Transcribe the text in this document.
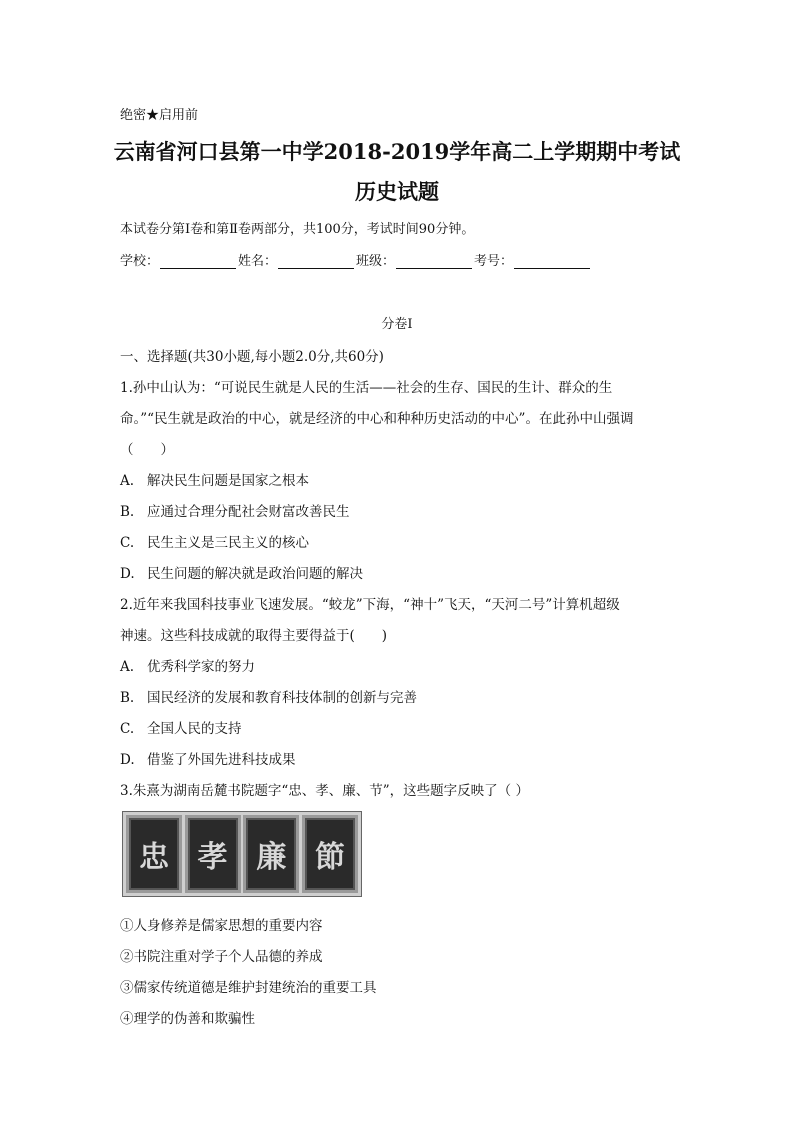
绝密★启用前
云南省河口县第一中学2018-2019学年高二上学期期中考试
历史试题
本试卷分第Ⅰ卷和第Ⅱ卷两部分，共100分，考试时间90分钟。
学校：	姓名：	班级：	考号：
分卷I
一、选择题(共30小题,每小题2.0分,共60分)
1.孙中山认为：“可说民生就是人民的生活——社会的生存、国民的生计、群众的生
命。”“民生就是政治的中心，就是经济的中心和种种历史活动的中心”。在此孙中山强调
（　　）
A. 解决民生问题是国家之根本
B. 应通过合理分配社会财富改善民生
C. 民生主义是三民主义的核心
D. 民生问题的解决就是政治问题的解决
2.近年来我国科技事业飞速发展。“蛟龙”下海，“神十”飞天，“天河二号”计算机超级
神速。这些科技成就的取得主要得益于(　　)
A. 优秀科学家的努力
B. 国民经济的发展和教育科技体制的创新与完善
C. 全国人民的支持
D. 借鉴了外国先进科技成果
3.朱熹为湖南岳麓书院题字“忠、孝、廉、节”，这些题字反映了（ ）
忠 孝 廉 節
①人身修养是儒家思想的重要内容
②书院注重对学子个人品德的养成
③儒家传统道德是维护封建统治的重要工具
④理学的伪善和欺骗性
